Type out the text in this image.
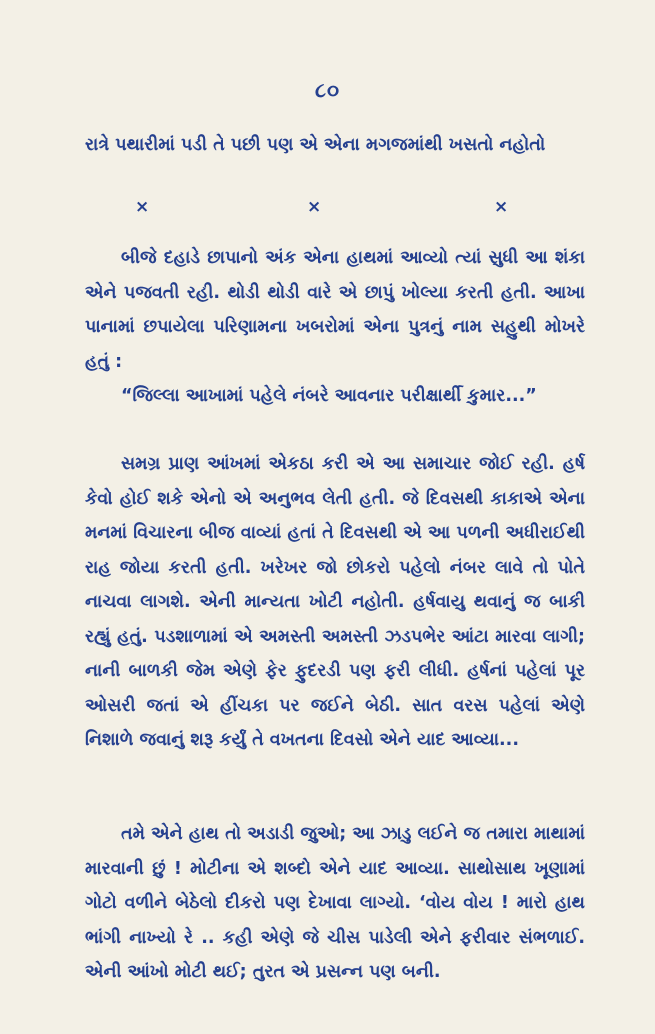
૮૦

રાત્રે પથારીમાં પડી તે પછી પણ એ એના મગજમાંથી ખસતો નહોતો

×	×	×

બીજે દહાડે છાપાનો અંક એના હાથમાં આવ્યો ત્યાં સુધી આ શંકા એને પજવતી રહી. થોડી થોડી વારે એ છાપું ખોલ્યા કરતી હતી. આખા પાનામાં છપાયેલા પરિણામના ખબરોમાં એના પુત્રનું નામ સહુથી મોખરે હતું :

“જિલ્લા આખામાં પહેલે નંબરે આવનાર પરીક્ષાર્થી કુમાર...”

સમગ્ર પ્રાણ આંખમાં એકઠા કરી એ આ સમાચાર જોઈ રહી. હર્ષ કેવો હોઈ શકે એનો એ અનુભવ લેતી હતી. જે દિવસથી કાકાએ એના મનમાં વિચારના બીજ વાવ્યાં હતાં તે દિવસથી એ આ પળની અધીરાઈથી રાહ જોયા કરતી હતી. ખરેખર જો છોકરો પહેલો નંબર લાવે તો પોતે નાચવા લાગશે. એની માન્યતા ખોટી નહોતી. હર્ષવાયુ થવાનું જ બાકી રહ્યું હતું. પડશાળામાં એ અમસ્તી અમસ્તી ઝડપભેર આંટા મારવા લાગી; નાની બાળકી જેમ એણે ફેર ફુદરડી પણ ફરી લીધી. હર્ષનાં પહેલાં પૂર ઓસરી જતાં એ હીંચકા પર જઈને બેઠી. સાત વરસ પહેલાં એણે નિશાળે જવાનું શરૂ કર્યું તે વખતના દિવસો એને યાદ આવ્યા...

તમે એને હાથ તો અડાડી જુઓ; આ ઝાડુ લઈને જ તમારા માથામાં મારવાની છું ! મોટીના એ શબ્દો એને યાદ આવ્યા. સાથોસાથ ખૂણામાં ગોટો વળીને બેઠેલો દીકરો પણ દેખાવા લાગ્યો. ‘વોય વોય ! મારો હાથ ભાંગી નાખ્યો રે .. કહી એણે જે ચીસ પાડેલી એને ફરીવાર સંભળાઈ. એની આંખો મોટી થઈ; તુરત એ પ્રસન્ન પણ બની.
